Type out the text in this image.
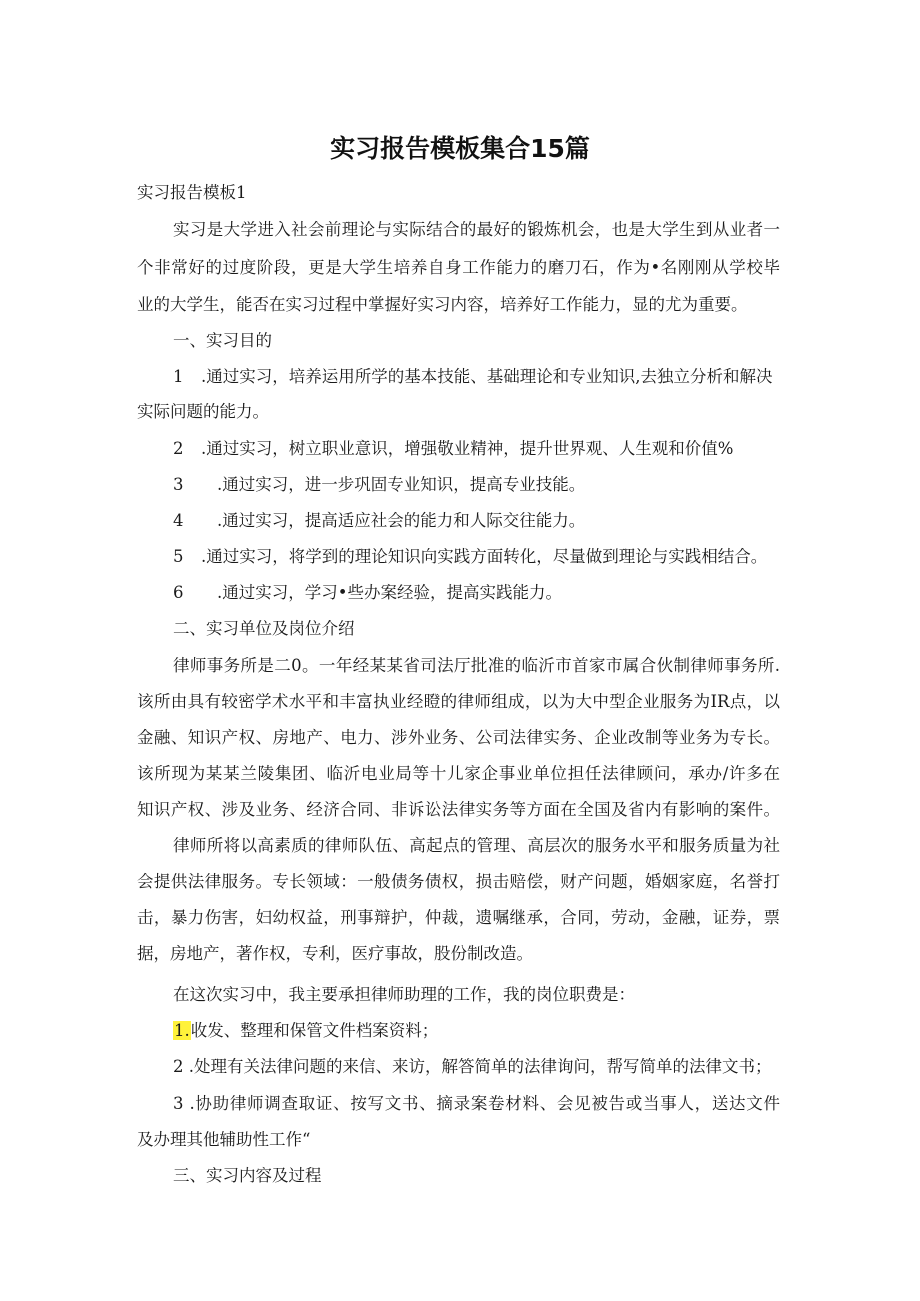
实习报告模板集合15篇
实习报告模板1
实习是大学进入社会前理论与实际结合的最好的锻炼机会，也是大学生到从业者一
个非常好的过度阶段，更是大学生培养自身工作能力的磨刀石，作为•名刚刚从学校毕
业的大学生，能否在实习过程中掌握好实习内容，培养好工作能力，显的尤为重要。
一、实习目的
1 .通过实习，培养运用所学的基本技能、基础理论和专业知识,去独立分析和解决
实际问题的能力。
2 .通过实习，树立职业意识，增强敬业精神，提升世界观、人生观和价值%
3 .通过实习，进一步巩固专业知识，提高专业技能。
4 .通过实习，提高适应社会的能力和人际交往能力。
5 .通过实习，将学到的理论知识向实践方面转化，尽量做到理论与实践相结合。
6 .通过实习，学习•些办案经验，提高实践能力。
二、实习单位及岗位介绍
律师事务所是二0。一年经某某省司法厅批准的临沂市首家市属合伙制律师事务所.
该所由具有较密学术水平和丰富执业经瞪的律师组成，以为大中型企业服务为IR点，以
金融、知识产权、房地产、电力、涉外业务、公司法律实务、企业改制等业务为专长。
该所现为某某兰陵集团、临沂电业局等十儿家企事业单位担任法律顾问，承办/许多在
知识产权、涉及业务、经济合同、非诉讼法律实务等方面在全国及省内有影响的案件。
律师所将以高素质的律师队伍、高起点的管理、高层次的服务水平和服务质量为社
会提供法律服务。专长领域：一般债务债权，损击赔偿，财产问题，婚姻家庭，名誉打
击，暴力伤害，妇幼权益，刑事辩护，仲裁，遗嘱继承，合同，劳动，金融，证券，票
据，房地产，著作权，专利，医疗事故，股份制改造。
在这次实习中，我主要承担律师助理的工作，我的岗位职费是：
1.收发、整理和保管文件档案资料；
2 .处理有关法律问题的来信、来访，解答简单的法律询问，帮写简单的法律文书；
3 .协助律师调查取证、按写文书、摘录案卷材料、会见被告或当事人，送达文件
及办理其他辅助性工作“
三、实习内容及过程
